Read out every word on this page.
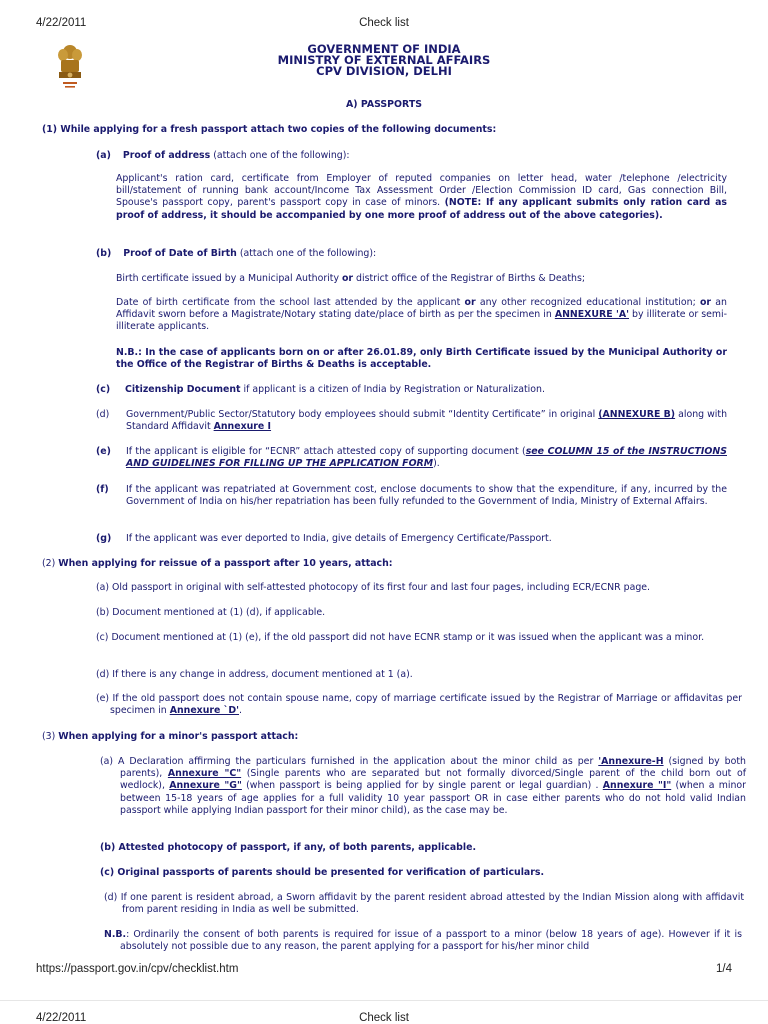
4/22/2011	Check list
GOVERNMENT OF INDIA
MINISTRY OF EXTERNAL AFFAIRS
CPV DIVISION, DELHI
A) PASSPORTS
(1) While applying for a fresh passport attach two copies of the following documents:
(a) Proof of address (attach one of the following):
Applicant's ration card, certificate from Employer of reputed companies on letter head, water /telephone /electricity bill/statement of running bank account/Income Tax Assessment Order /Election Commission ID card, Gas connection Bill, Spouse's passport copy, parent's passport copy in case of minors. (NOTE: If any applicant submits only ration card as proof of address, it should be accompanied by one more proof of address out of the above categories).
(b) Proof of Date of Birth (attach one of the following):
Birth certificate issued by a Municipal Authority or district office of the Registrar of Births & Deaths;
Date of birth certificate from the school last attended by the applicant or any other recognized educational institution; or an Affidavit sworn before a Magistrate/Notary stating date/place of birth as per the specimen in ANNEXURE 'A' by illiterate or semi-illiterate applicants.
N.B.: In the case of applicants born on or after 26.01.89, only Birth Certificate issued by the Municipal Authority or the Office of the Registrar of Births & Deaths is acceptable.
(c) Citizenship Document if applicant is a citizen of India by Registration or Naturalization.
(d) Government/Public Sector/Statutory body employees should submit “Identity Certificate” in original (ANNEXURE B) along with Standard Affidavit Annexure I
(e) If the applicant is eligible for “ECNR” attach attested copy of supporting document (see COLUMN 15 of the INSTRUCTIONS AND GUIDELINES FOR FILLING UP THE APPLICATION FORM).
(f)	If the applicant was repatriated at Government cost, enclose documents to show that the expenditure, if any, incurred by the Government of India on his/her repatriation has been fully refunded to the Government of India, Ministry of External Affairs.
(g) If the applicant was ever deported to India, give details of Emergency Certificate/Passport.
(2) When applying for reissue of a passport after 10 years, attach:
(a) Old passport in original with self-attested photocopy of its first four and last four pages, including ECR/ECNR page.
(b) Document mentioned at (1) (d), if applicable.
(c) Document mentioned at (1) (e), if the old passport did not have ECNR stamp or it was issued when the applicant was a minor.
(d) If there is any change in address, document mentioned at 1 (a).
(e) If the old passport does not contain spouse name, copy of marriage certificate issued by the Registrar of Marriage or affidavitas per specimen in Annexure `D'.
(3) When applying for a minor's passport attach:
(a) A Declaration affirming the particulars furnished in the application about the minor child as per 'Annexure-H (signed by both parents), Annexure "C" (Single parents who are separated but not formally divorced/Single parent of the child born out of wedlock), Annexure "G" (when passport is being applied for by single parent or legal guardian) . Annexure "I" (when a minor between 15-18 years of age applies for a full validity 10 year passport OR in case either parents who do not hold valid Indian passport while applying Indian passport for their minor child), as the case may be.
(b) Attested photocopy of passport, if any, of both parents, applicable.
(c) Original passports of parents should be presented for verification of particulars.
(d) If one parent is resident abroad, a Sworn affidavit by the parent resident abroad attested by the Indian Mission along with affidavit from parent residing in India as well be submitted.
N.B.: Ordinarily the consent of both parents is required for issue of a passport to a minor (below 18 years of age). However if it is absolutely not possible due to any reason, the parent applying for a passport for his/her minor child
https://passport.gov.in/cpv/checklist.htm	1/4
4/22/2011	Check list
